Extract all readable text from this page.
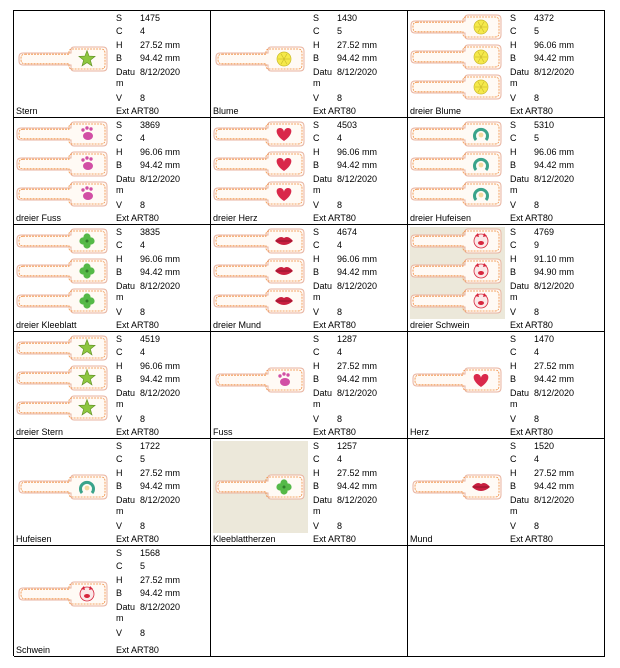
S 1475
C 4
H 27.52 mm
B 94.42 mm
Datu 8/12/2020
m
V 8
Ext ART80
Stern
S 1430
C 5
H 27.52 mm
B 94.42 mm
Datu 8/12/2020
m
V 8
Ext ART80
Blume
S 4372
C 5
H 96.06 mm
B 94.42 mm
Datu 8/12/2020
m
V 8
Ext ART80
dreier Blume
S 3869
C 4
H 96.06 mm
B 94.42 mm
Datu 8/12/2020
m
V 8
Ext ART80
dreier Fuss
S 4503
C 4
H 96.06 mm
B 94.42 mm
Datu 8/12/2020
m
V 8
Ext ART80
dreier Herz
S 5310
C 5
H 96.06 mm
B 94.42 mm
Datu 8/12/2020
m
V 8
Ext ART80
dreier Hufeisen
S 3835
C 4
H 96.06 mm
B 94.42 mm
Datu 8/12/2020
m
V 8
Ext ART80
dreier Kleeblatt
S 4674
C 4
H 96.06 mm
B 94.42 mm
Datu 8/12/2020
m
V 8
Ext ART80
dreier Mund
S 4769
C 9
H 91.10 mm
B 94.90 mm
Datu 8/12/2020
m
V 8
Ext ART80
dreier Schwein
S 4519
C 4
H 96.06 mm
B 94.42 mm
Datu 8/12/2020
m
V 8
Ext ART80
dreier Stern
S 1287
C 4
H 27.52 mm
B 94.42 mm
Datu 8/12/2020
m
V 8
Ext ART80
Fuss
S 1470
C 4
H 27.52 mm
B 94.42 mm
Datu 8/12/2020
m
V 8
Ext ART80
Herz
S 1722
C 5
H 27.52 mm
B 94.42 mm
Datu 8/12/2020
m
V 8
Ext ART80
Hufeisen
S 1257
C 4
H 27.52 mm
B 94.42 mm
Datu 8/12/2020
m
V 8
Ext ART80
Kleeblattherzen
S 1520
C 4
H 27.52 mm
B 94.42 mm
Datu 8/12/2020
m
V 8
Ext ART80
Mund
S 1568
C 5
H 27.52 mm
B 94.42 mm
Datu 8/12/2020
m
V 8
Ext ART80
Schwein
